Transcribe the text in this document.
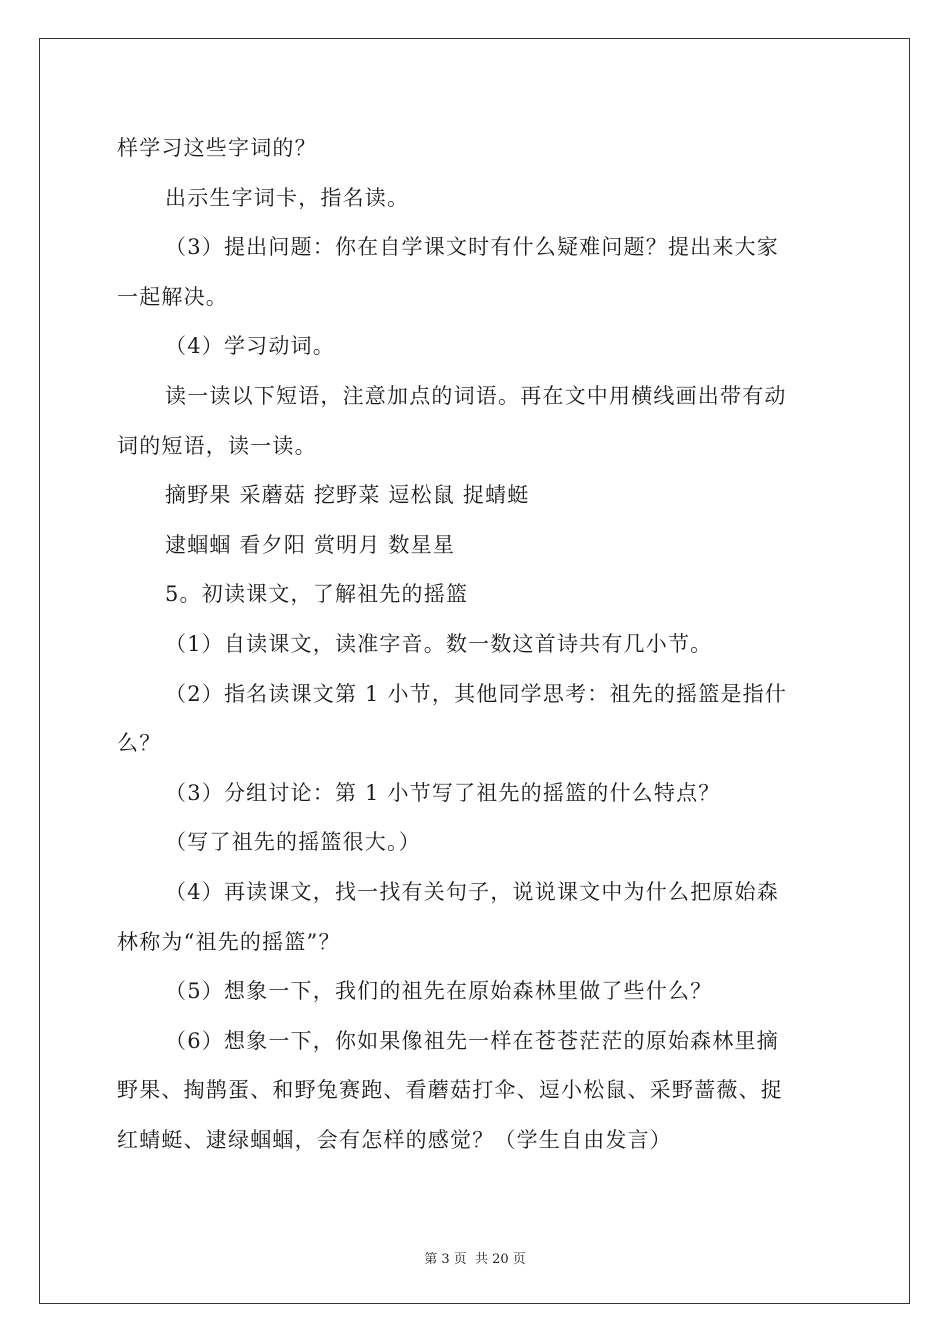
样学习这些字词的？
出示生字词卡，指名读。
（3）提出问题：你在自学课文时有什么疑难问题？提出来大家
一起解决。
（4）学习动词。
读一读以下短语，注意加点的词语。再在文中用横线画出带有动
词的短语，读一读。
摘野果 采蘑菇 挖野菜 逗松鼠 捉蜻蜓
逮蝈蝈 看夕阳 赏明月 数星星
5。初读课文，了解祖先的摇篮
（1）自读课文，读准字音。数一数这首诗共有几小节。
（2）指名读课文第 1 小节，其他同学思考：祖先的摇篮是指什
么？
（3）分组讨论：第 1 小节写了祖先的摇篮的什么特点？
（写了祖先的摇篮很大。）
（4）再读课文，找一找有关句子，说说课文中为什么把原始森
林称为“祖先的摇篮”？
（5）想象一下，我们的祖先在原始森林里做了些什么？
（6）想象一下，你如果像祖先一样在苍苍茫茫的原始森林里摘
野果、掏鹊蛋、和野兔赛跑、看蘑菇打伞、逗小松鼠、采野蔷薇、捉
红蜻蜓、逮绿蝈蝈，会有怎样的感觉？（学生自由发言）
第 3 页 共 20 页
